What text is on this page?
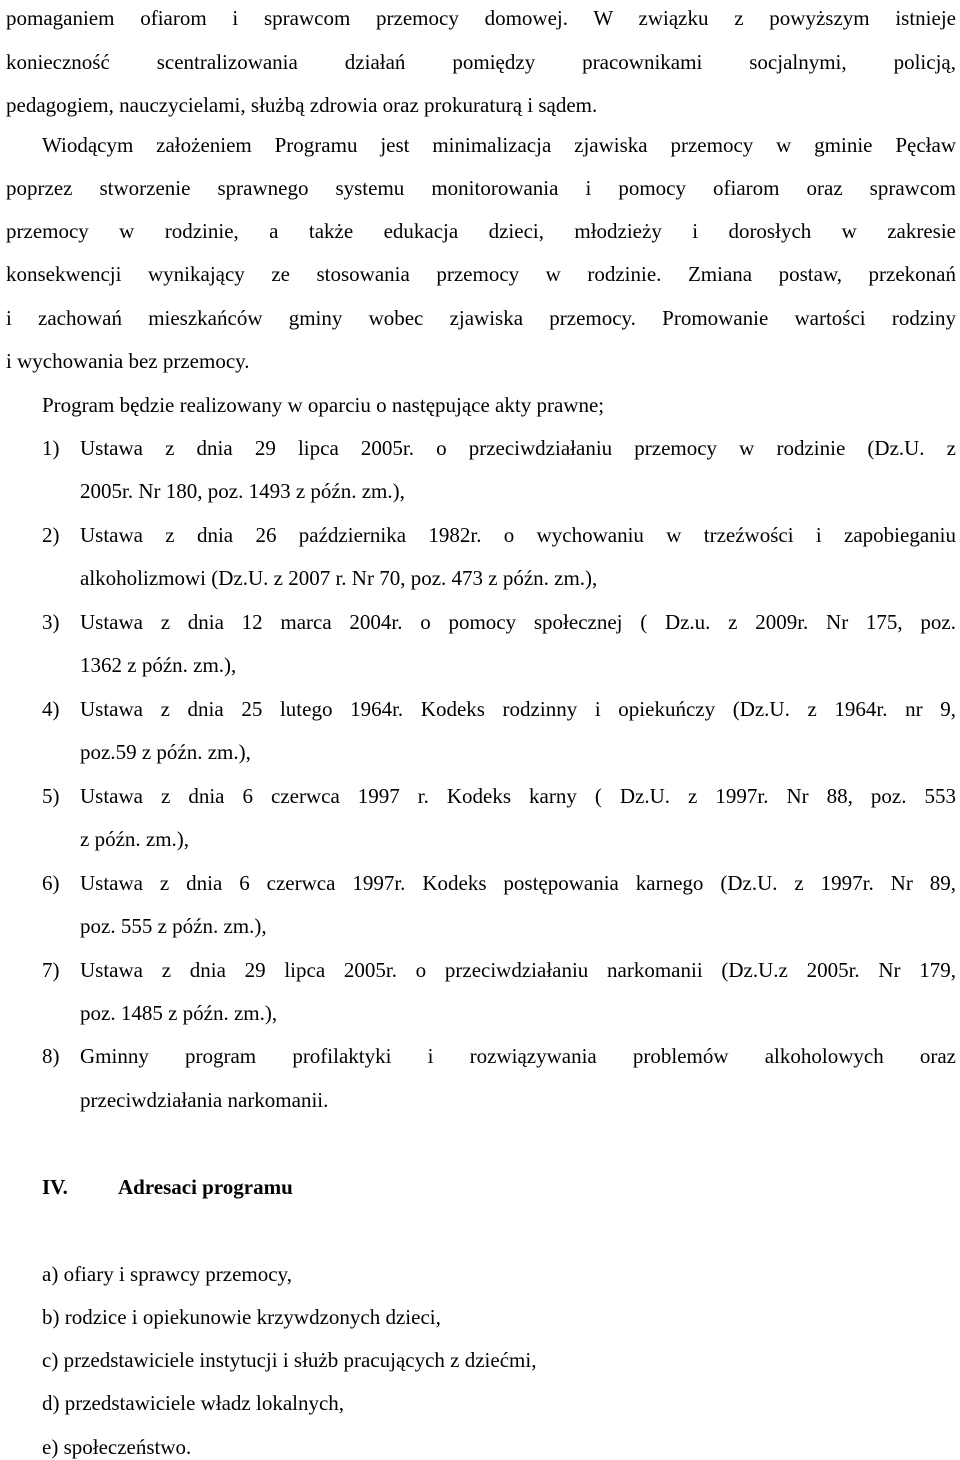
pomaganiem ofiarom i sprawcom przemocy domowej. W związku z powyższym istnieje
konieczność scentralizowania działań pomiędzy pracownikami socjalnymi, policją,
pedagogiem, nauczycielami, służbą zdrowia oraz prokuraturą i sądem.
Wiodącym założeniem Programu jest minimalizacja zjawiska przemocy w gminie Pęcław
poprzez stworzenie sprawnego systemu monitorowania i pomocy ofiarom oraz sprawcom
przemocy w rodzinie, a także edukacja dzieci, młodzieży i dorosłych w zakresie
konsekwencji wynikający ze stosowania przemocy w rodzinie. Zmiana postaw, przekonań
i zachowań mieszkańców gminy wobec zjawiska przemocy. Promowanie wartości rodziny
i wychowania bez przemocy.
Program będzie realizowany w oparciu o następujące akty prawne;
1) Ustawa z dnia 29 lipca 2005r. o przeciwdziałaniu przemocy w rodzinie (Dz.U. z
2005r. Nr 180, poz. 1493 z późn. zm.),
2) Ustawa z dnia 26 października 1982r. o wychowaniu w trzeźwości i zapobieganiu
alkoholizmowi (Dz.U. z 2007 r. Nr 70, poz. 473 z późn. zm.),
3) Ustawa z dnia 12 marca 2004r. o pomocy społecznej ( Dz.u. z 2009r. Nr 175, poz.
1362 z późn. zm.),
4) Ustawa z dnia 25 lutego 1964r. Kodeks rodzinny i opiekuńczy (Dz.U. z 1964r. nr 9,
poz.59 z późn. zm.),
5) Ustawa z dnia 6 czerwca 1997 r. Kodeks karny ( Dz.U. z 1997r. Nr 88, poz. 553
z późn. zm.),
6) Ustawa z dnia 6 czerwca 1997r. Kodeks postępowania karnego (Dz.U. z 1997r. Nr 89,
poz. 555 z późn. zm.),
7) Ustawa z dnia 29 lipca 2005r. o przeciwdziałaniu narkomanii (Dz.U.z 2005r. Nr 179,
poz. 1485 z późn. zm.),
8) Gminny program profilaktyki i rozwiązywania problemów alkoholowych oraz
przeciwdziałania narkomanii.
IV. Adresaci programu
a) ofiary i sprawcy przemocy,
b) rodzice i opiekunowie krzywdzonych dzieci,
c) przedstawiciele instytucji i służb pracujących z dziećmi,
d) przedstawiciele władz lokalnych,
e) społeczeństwo.
